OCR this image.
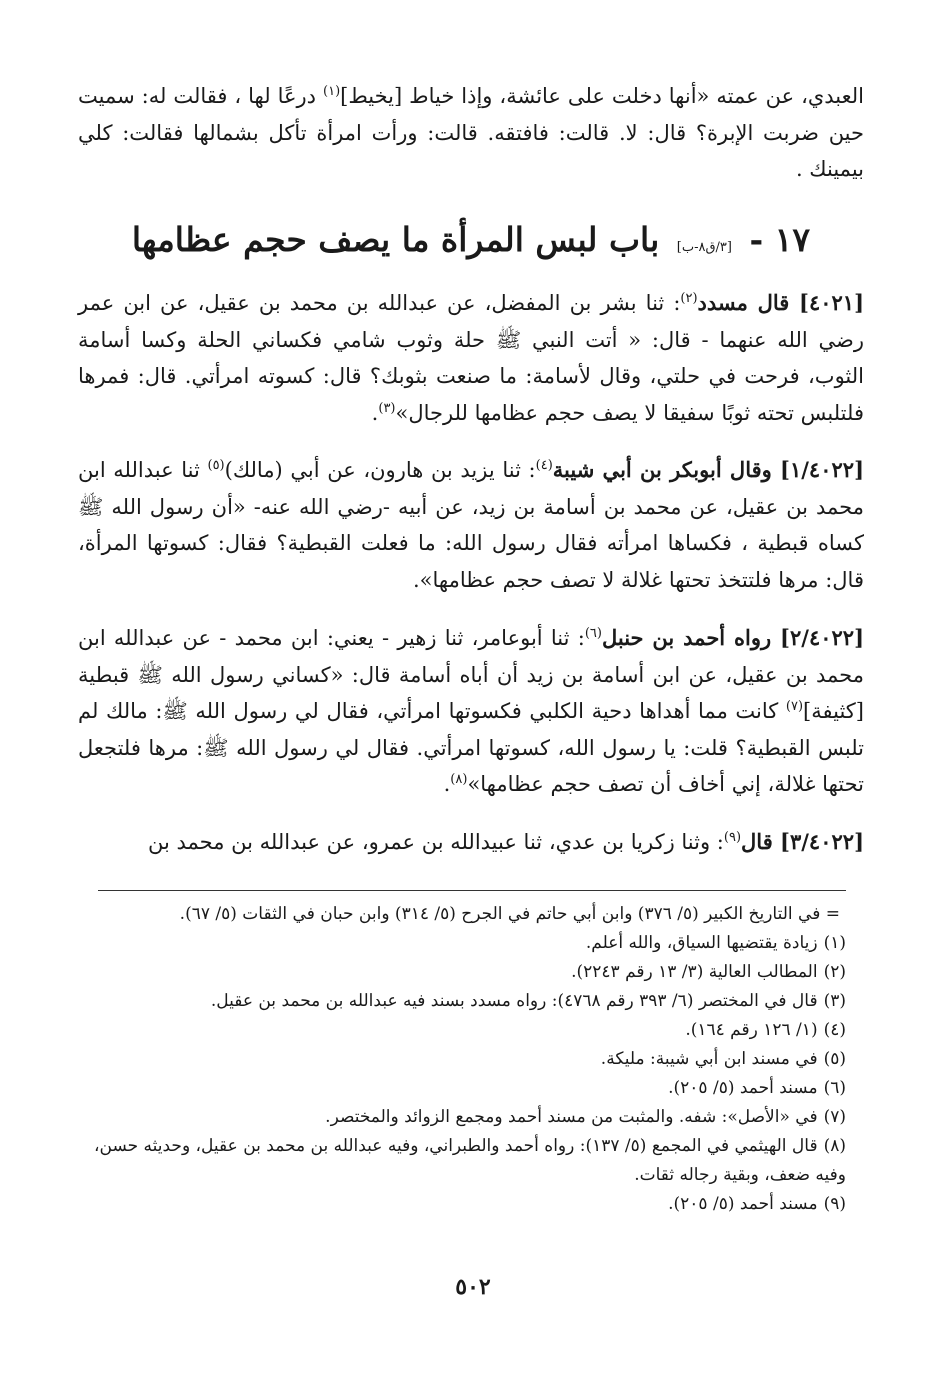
العبدي، عن عمته «أنها دخلت على عائشة، وإذا خياط [يخيط]$^{(١)}$ درعًا لها ، فقالت له: سميت حين ضربت الإبرة؟ قال: لا. قالت: فافتقه. قالت: ورأت امرأة تأكل بشمالها فقالت: كلي بيمينك .
١٧ - [٣/ق٨-ب] باب لبس المرأة ما يصف حجم عظامها
[٤٠٢١] قال مسدد$^{(٢)}$: ثنا بشر بن المفضل، عن عبدالله بن محمد بن عقيل، عن ابن عمر رضي الله عنهما - قال: « أتت النبي ﷺ حلة وثوب شامي فكساني الحلة وكسا أسامة الثوب، فرحت في حلتي، وقال لأسامة: ما صنعت بثوبك؟ قال: كسوته امرأتي. قال: فمرها فلتلبس تحته ثوبًا سفيقا لا يصف حجم عظامها للرجال»$^{(٣)}$.
[١/٤٠٢٢] وقال أبوبكر بن أبي شيبة$^{(٤)}$: ثنا يزيد بن هارون، عن أبي (مالك)$^{(٥)}$ ثنا عبدالله ابن محمد بن عقيل، عن محمد بن أسامة بن زيد، عن أبيه -رضي الله عنه- «أن رسول الله ﷺ كساه قبطية ، فكساها امرأته فقال رسول الله: ما فعلت القبطية؟ فقال: كسوتها المرأة، قال: مرها فلتتخذ تحتها غلالة لا تصف حجم عظامها».
[٢/٤٠٢٢] رواه أحمد بن حنبل$^{(٦)}$: ثنا أبوعامر، ثنا زهير - يعني: ابن محمد - عن عبدالله ابن محمد بن عقيل، عن ابن أسامة بن زيد أن أباه أسامة قال: «كساني رسول الله ﷺ قبطية [كثيفة]$^{(٧)}$ كانت مما أهداها دحية الكلبي فكسوتها امرأتي، فقال لي رسول الله ﷺ: مالك لم تلبس القبطية؟ قلت: يا رسول الله، كسوتها امرأتي. فقال لي رسول الله ﷺ: مرها فلتجعل تحتها غلالة، إني أخاف أن تصف حجم عظامها»$^{(٨)}$.
[٣/٤٠٢٢] قال$^{(٩)}$: وثنا زكريا بن عدي، ثنا عبيدالله بن عمرو، عن عبدالله بن محمد بن

= في التاريخ الكبير (٥/ ٣٧٦) وابن أبي حاتم في الجرح (٥/ ٣١٤) وابن حبان في الثقات (٥/ ٦٧).

(١)زيادة يقتضيها السياق، والله أعلم.

(٢)المطالب العالية (٣/ ١٣ رقم ٢٢٤٣).

(٣)قال في المختصر (٦/ ٣٩٣ رقم ٤٧٦٨): رواه مسدد بسند فيه عبدالله بن محمد بن عقيل.

(٤)(١/ ١٢٦ رقم ١٦٤).

(٥)في مسند ابن أبي شيبة: مليكة.

(٦)مسند أحمد (٥/ ٢٠٥).

(٧)في «الأصل»: شفه. والمثبت من مسند أحمد ومجمع الزوائد والمختصر.

(٨)قال الهيثمي في المجمع (٥/ ١٣٧): رواه أحمد والطبراني، وفيه عبدالله بن محمد بن عقيل، وحديثه حسن، وفيه ضعف، وبقية رجاله ثقات.

(٩)مسند أحمد (٥/ ٢٠٥).

٥٠٢
